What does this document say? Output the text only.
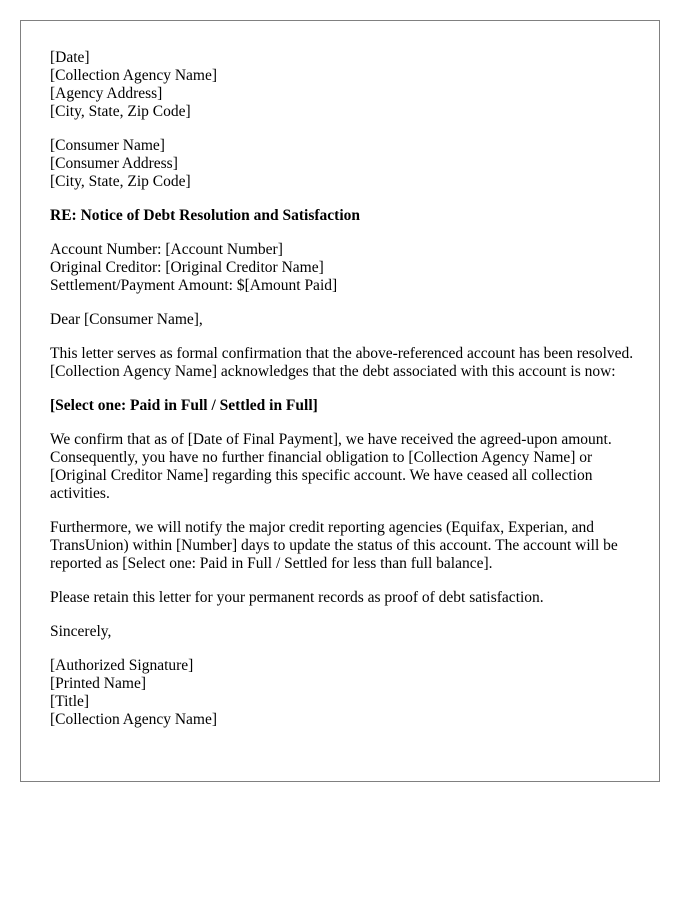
[Date]
[Collection Agency Name]
[Agency Address]
[City, State, Zip Code]
[Consumer Name]
[Consumer Address]
[City, State, Zip Code]

RE: Notice of Debt Resolution and Satisfaction

Account Number: [Account Number]
Original Creditor: [Original Creditor Name]
Settlement/Payment Amount: $[Amount Paid]

Dear [Consumer Name],

This letter serves as formal confirmation that the above-referenced account has been resolved. [Collection Agency Name] acknowledges that the debt associated with this account is now:

[Select one: Paid in Full / Settled in Full]

We confirm that as of [Date of Final Payment], we have received the agreed-upon amount. Consequently, you have no further financial obligation to [Collection Agency Name] or [Original Creditor Name] regarding this specific account. We have ceased all collection activities.

Furthermore, we will notify the major credit reporting agencies (Equifax, Experian, and TransUnion) within [Number] days to update the status of this account. The account will be reported as [Select one: Paid in Full / Settled for less than full balance].

Please retain this letter for your permanent records as proof of debt satisfaction.

Sincerely,

[Authorized Signature]
[Printed Name]
[Title]
[Collection Agency Name]
